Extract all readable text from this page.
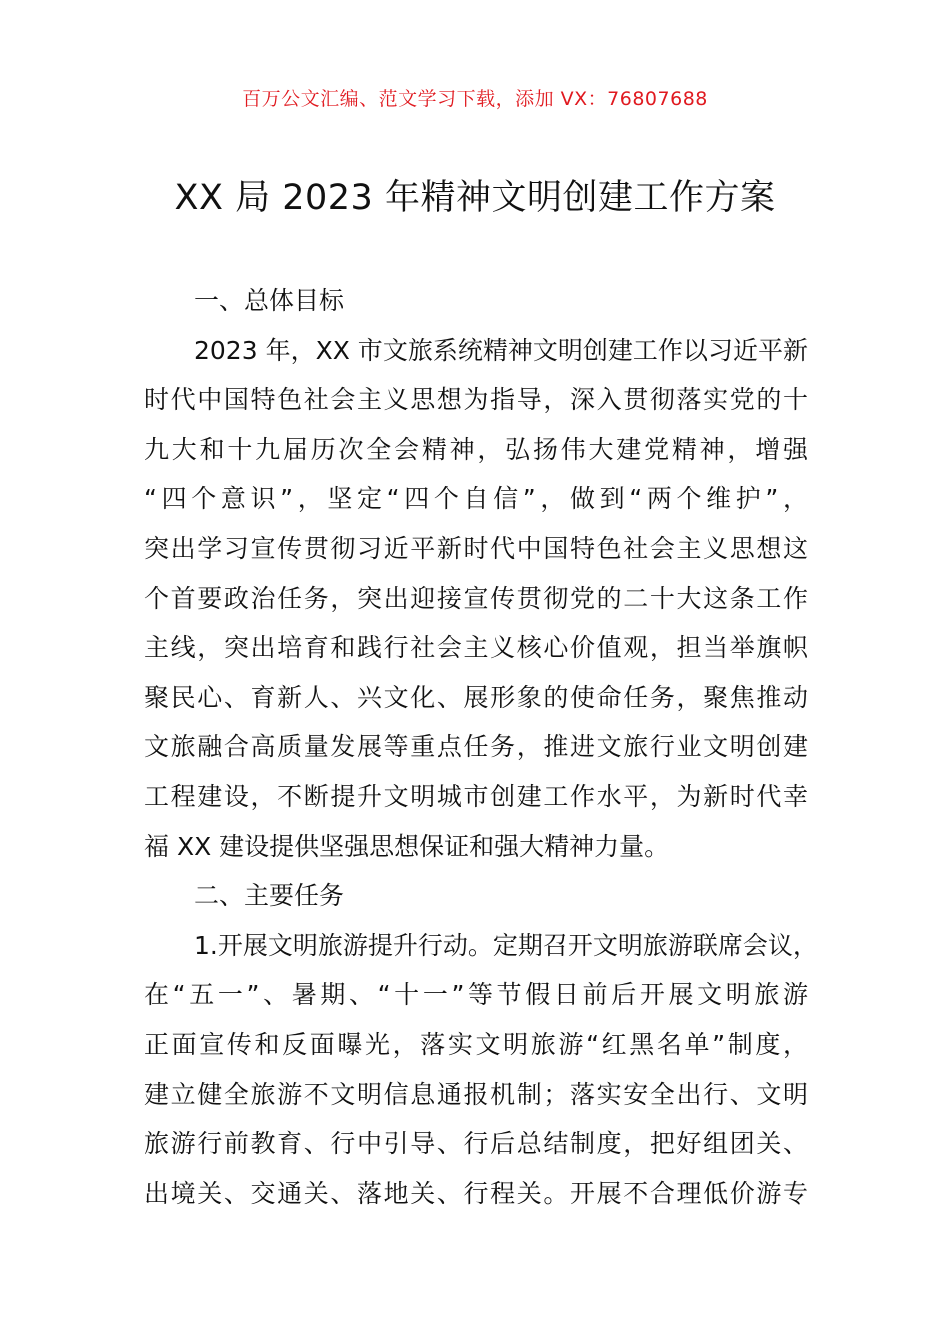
百万公文汇编、范文学习下载，添加 VX：76807688
XX 局 2023 年精神文明创建工作方案
一、总体目标
2023 年，XX 市文旅系统精神文明创建工作以习近平新
时代中国特色社会主义思想为指导，深入贯彻落实党的十
九大和十九届历次全会精神，弘扬伟大建党精神，增强
“四个意识”，坚定“四个自信”，做到“两个维护”，
突出学习宣传贯彻习近平新时代中国特色社会主义思想这
个首要政治任务，突出迎接宣传贯彻党的二十大这条工作
主线，突出培育和践行社会主义核心价值观，担当举旗帜
聚民心、育新人、兴文化、展形象的使命任务，聚焦推动
文旅融合高质量发展等重点任务，推进文旅行业文明创建
工程建设，不断提升文明城市创建工作水平，为新时代幸
福 XX 建设提供坚强思想保证和强大精神力量。
二、主要任务
1.开展文明旅游提升行动。定期召开文明旅游联席会议，
在“五一”、暑期、“十一”等节假日前后开展文明旅游
正面宣传和反面曝光，落实文明旅游“红黑名单”制度，
建立健全旅游不文明信息通报机制；落实安全出行、文明
旅游行前教育、行中引导、行后总结制度，把好组团关、
出境关、交通关、落地关、行程关。开展不合理低价游专
